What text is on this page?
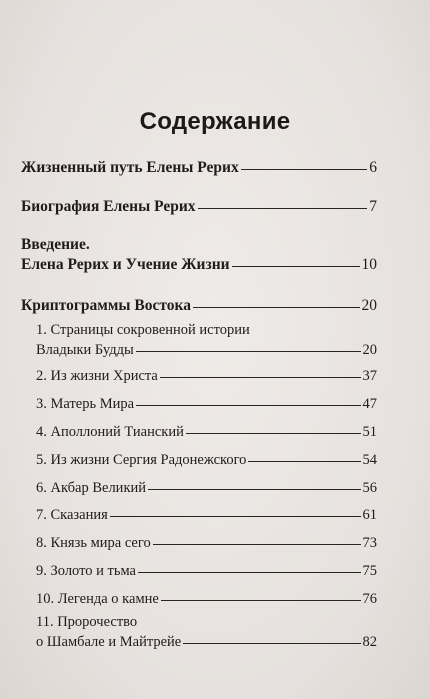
Содержание
Жизненный путь Елены Рерих	6
Биография Елены Рерих	7
Введение.
Елена Рерих и Учение Жизни	10
Криптограммы Востока	20
1. Страницы сокровенной истории
Владыки Будды	20
2. Из жизни Христа	37
3. Матерь Мира	47
4. Аполлоний Тианский	51
5. Из жизни Сергия Радонежского	54
6. Акбар Великий	56
7. Сказания	61
8. Князь мира сего	73
9. Золото и тьма	75
10. Легенда о камне	76
11. Пророчество
о Шамбале и Майтрейе	82
